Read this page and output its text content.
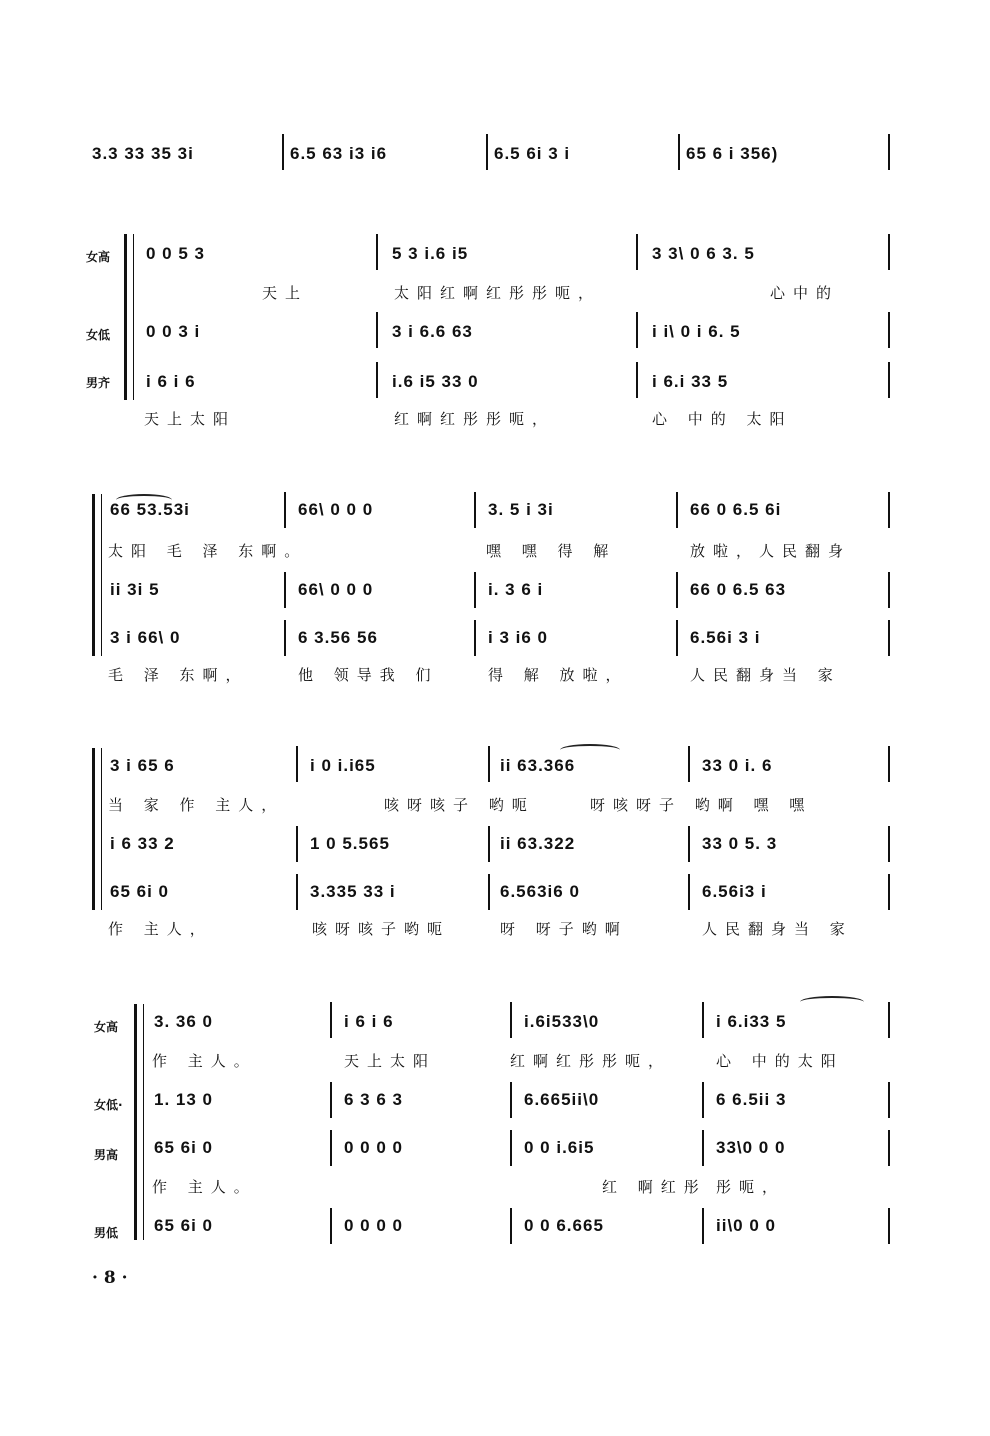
3.3 33 35 3i	6.5 63 i3 i6	6.5 6i 3 i	65 6 i 356)
女高
女低
男齐
0 0 5 3	5 3 i.6 i5	3 3\ 0 6 3. 5
天上	太阳红啊红彤彤呃，	心中的
0 0 3 i	3 i 6.6 63	i i\ 0 i 6. 5
i 6 i 6	i.6 i5 33 0	i 6.i 33 5
天上太阳	红啊红彤彤呃，	心 中的 太阳
66 53.53i	66\ 0 0 0	3. 5 i 3i	66 0 6.5 6i
太阳 毛 泽 东啊。	嘿 嘿 得 解	放啦，人民翻身
ii 3i 5	66\ 0 0 0	i. 3 6 i	66 0 6.5 63
3 i 66\ 0	6 3.56 56	i 3 i6 0	6.56i 3 i
毛 泽 东啊，	他 领导我 们	得 解 放啦，	人民翻身当 家
3 i 65 6	i 0 i.i65	ii 63.366	33 0 i. 6
当 家 作 主人，	咳呀咳子 哟呃	呀咳呀子 哟啊 嘿 嘿
i 6 33 2	1 0 5.565	ii 63.322	33 0 5. 3
65 6i 0	3.335 33 i	6.563i6 0	6.56i3 i
作 主人，	咳呀咳子哟呃	呀 呀子哟啊	人民翻身当 家
女高
女低·
男高
男低
3. 36 0	i 6 i 6	i.6i533\0	i 6.i33 5
作 主人。	天上太阳	红啊红彤彤呃，	心 中的太阳
1. 13 0	6 3 6 3	6.665ii\0	6 6.5ii 3
65 6i 0	0 0 0 0	0 0 i.6i5	33\0 0 0
作 主人。	红 啊红彤 彤呃，
65 6i 0	0 0 0 0	0 0 6.665	ii\0 0 0
· 8 ·
